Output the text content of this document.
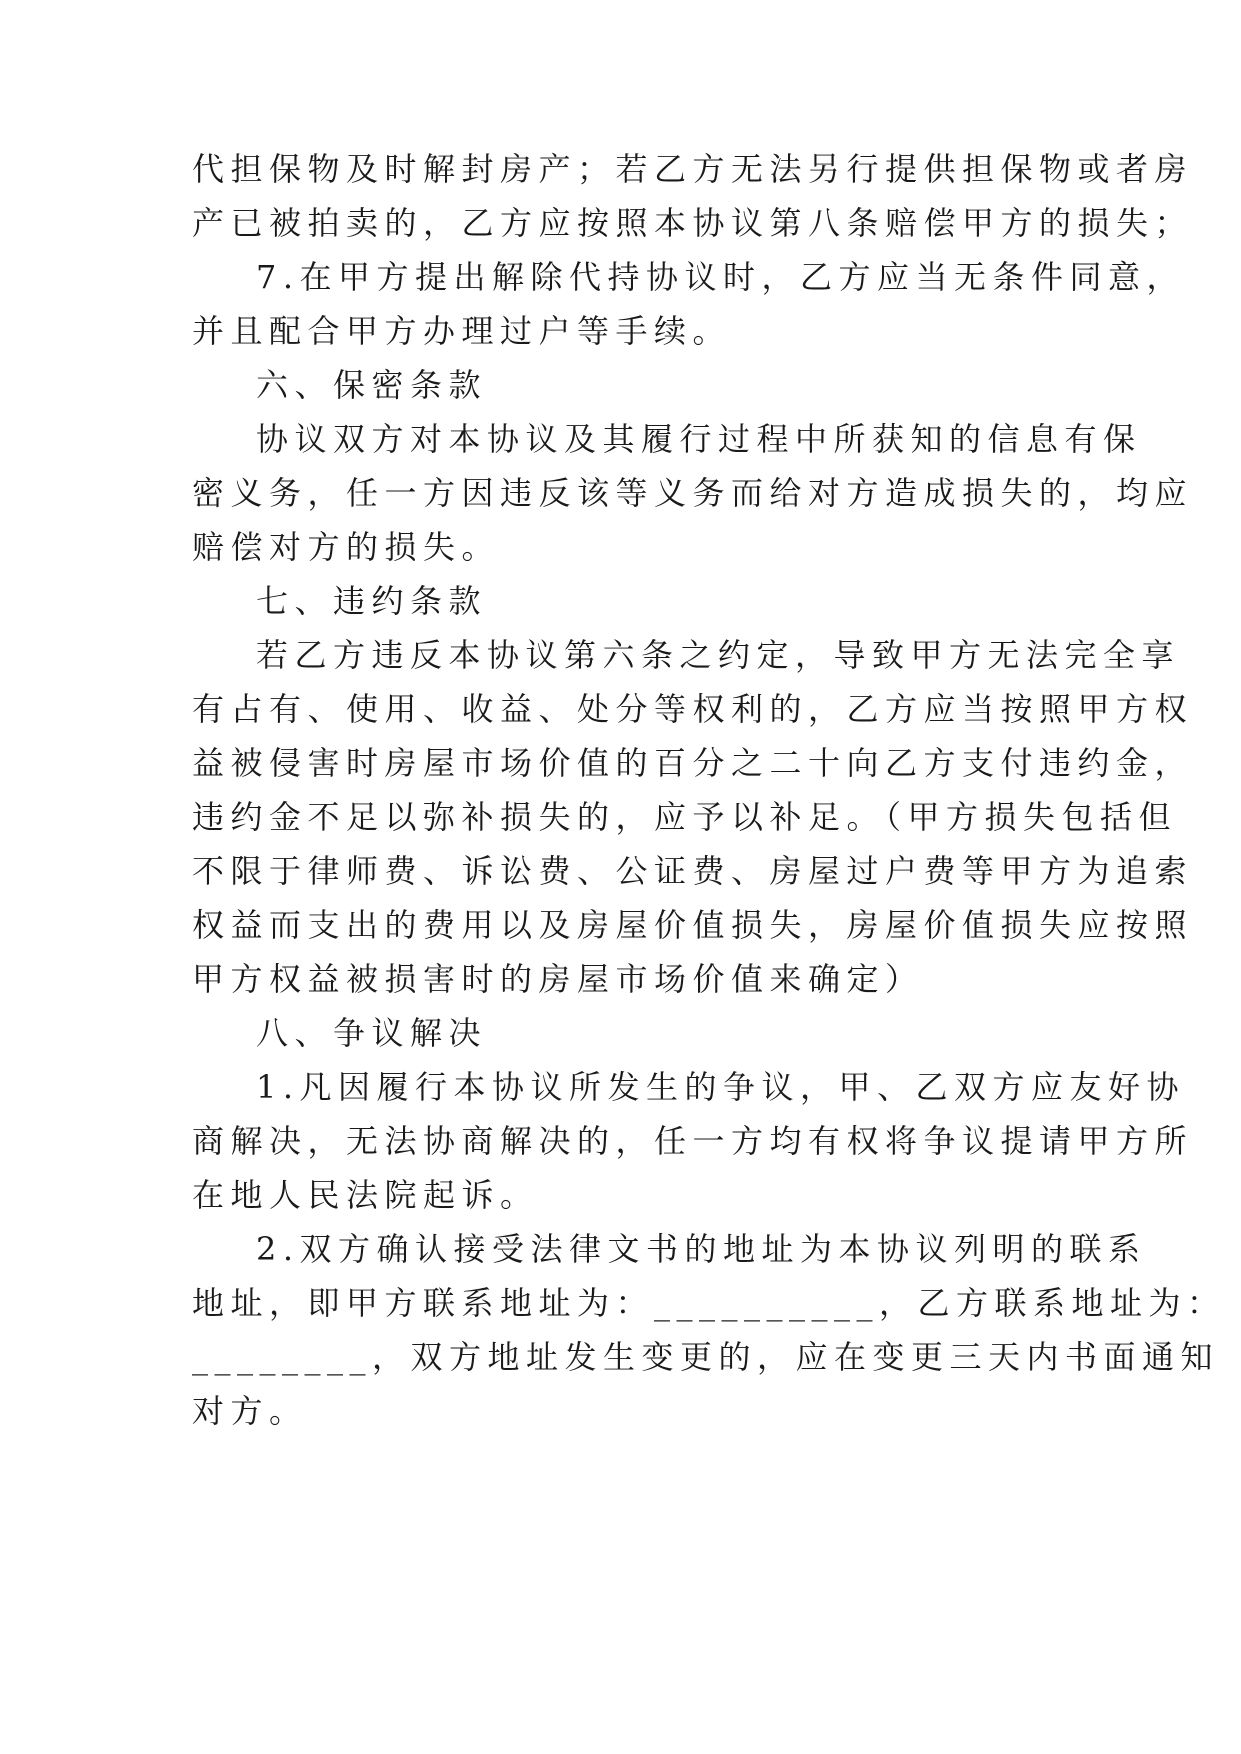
代担保物及时解封房产；若乙方无法另行提供担保物或者房
产已被拍卖的，乙方应按照本协议第八条赔偿甲方的损失；
7.在甲方提出解除代持协议时，乙方应当无条件同意，
并且配合甲方办理过户等手续。
六、保密条款
协议双方对本协议及其履行过程中所获知的信息有保
密义务，任一方因违反该等义务而给对方造成损失的，均应
赔偿对方的损失。
七、违约条款
若乙方违反本协议第六条之约定，导致甲方无法完全享
有占有、使用、收益、处分等权利的，乙方应当按照甲方权
益被侵害时房屋市场价值的百分之二十向乙方支付违约金，
违约金不足以弥补损失的，应予以补足。（甲方损失包括但
不限于律师费、诉讼费、公证费、房屋过户费等甲方为追索
权益而支出的费用以及房屋价值损失，房屋价值损失应按照
甲方权益被损害时的房屋市场价值来确定）
八、争议解决
1.凡因履行本协议所发生的争议，甲、乙双方应友好协
商解决，无法协商解决的，任一方均有权将争议提请甲方所
在地人民法院起诉。
2.双方确认接受法律文书的地址为本协议列明的联系
地址，即甲方联系地址为：__________，乙方联系地址为：
________，双方地址发生变更的，应在变更三天内书面通知
对方。
